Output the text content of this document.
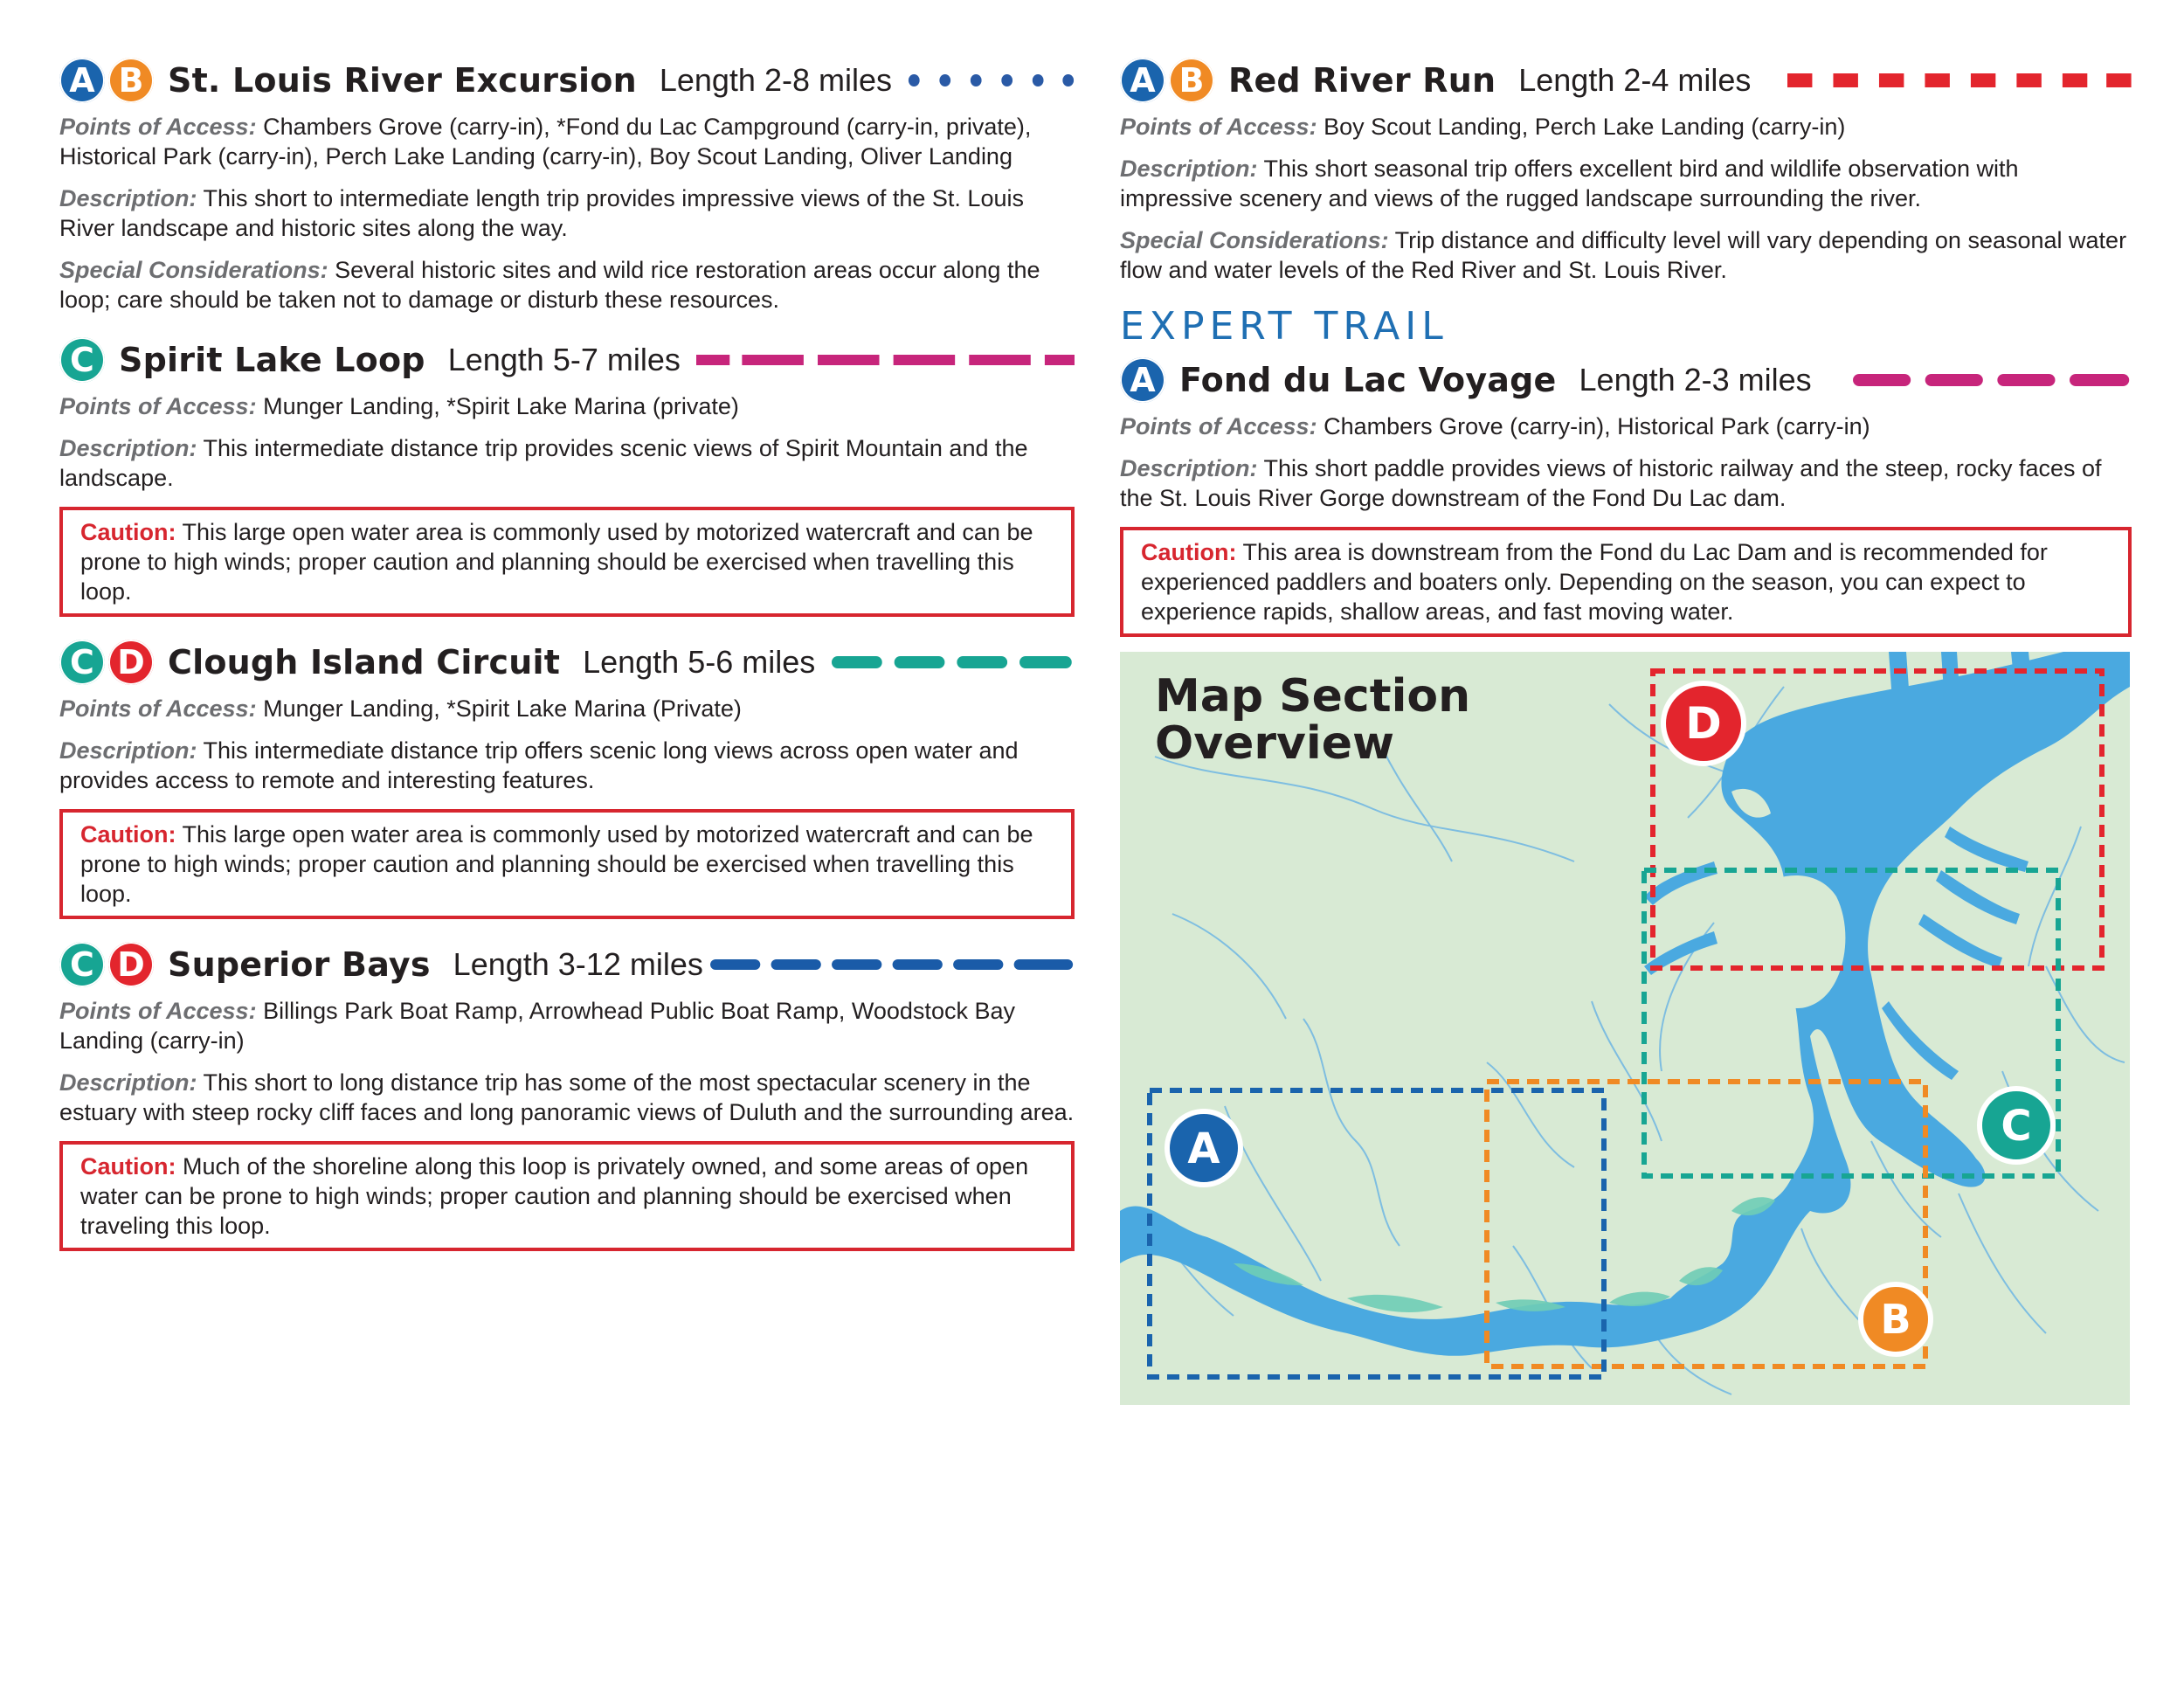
A B St. Louis River Excursion Length 2-8 miles

Points of Access: Chambers Grove (carry-in), *Fond du Lac Campground (carry-in, private), Historical Park (carry-in), Perch Lake Landing (carry-in), Boy Scout Landing, Oliver Landing

Description: This short to intermediate length trip provides impressive views of the St. Louis River landscape and historic sites along the way.

Special Considerations: Several historic sites and wild rice restoration areas occur along the loop; care should be taken not to damage or disturb these resources.

C Spirit Lake Loop Length 5-7 miles

Points of Access: Munger Landing, *Spirit Lake Marina (private)

Description: This intermediate distance trip provides scenic views of Spirit Mountain and the landscape.

Caution: This large open water area is commonly used by motorized watercraft and can be prone to high winds; proper caution and planning should be exercised when travelling this loop.
C D Clough Island Circuit Length 5-6 miles

Points of Access: Munger Landing, *Spirit Lake Marina (Private)

Description: This intermediate distance trip offers scenic long views across open water and provides access to remote and interesting features.

Caution: This large open water area is commonly used by motorized watercraft and can be prone to high winds; proper caution and planning should be exercised when travelling this loop.
C D Superior Bays Length 3-12 miles

Points of Access: Billings Park Boat Ramp, Arrowhead Public Boat Ramp, Woodstock Bay Landing (carry-in)

Description: This short to long distance trip has some of the most spectacular scenery in the estuary with steep rocky cliff faces and long panoramic views of Duluth and the surrounding area.

Caution: Much of the shoreline along this loop is privately owned, and some areas of open water can be prone to high winds; proper caution and planning should be exercised when traveling this loop.
A B Red River Run Length 2-4 miles

Points of Access: Boy Scout Landing, Perch Lake Landing (carry-in)

Description: This short seasonal trip offers excellent bird and wildlife observation with impressive scenery and views of the rugged landscape surrounding the river.

Special Considerations: Trip distance and difficulty level will vary depending on seasonal water flow and water levels of the Red River and St. Louis River.

EXPERT TRAIL
A Fond du Lac Voyage Length 2-3 miles

Points of Access: Chambers Grove (carry-in), Historical Park (carry-in)

Description: This short paddle provides views of historic railway and the steep, rocky faces of the St. Louis River Gorge downstream of the Fond Du Lac dam.

Caution: This area is downstream from the Fond du Lac Dam and is recommended for experienced paddlers and boaters only. Depending on the season, you can expect to experience rapids, shallow areas, and fast moving water.
D
C
B
A
Map Section
Overview
